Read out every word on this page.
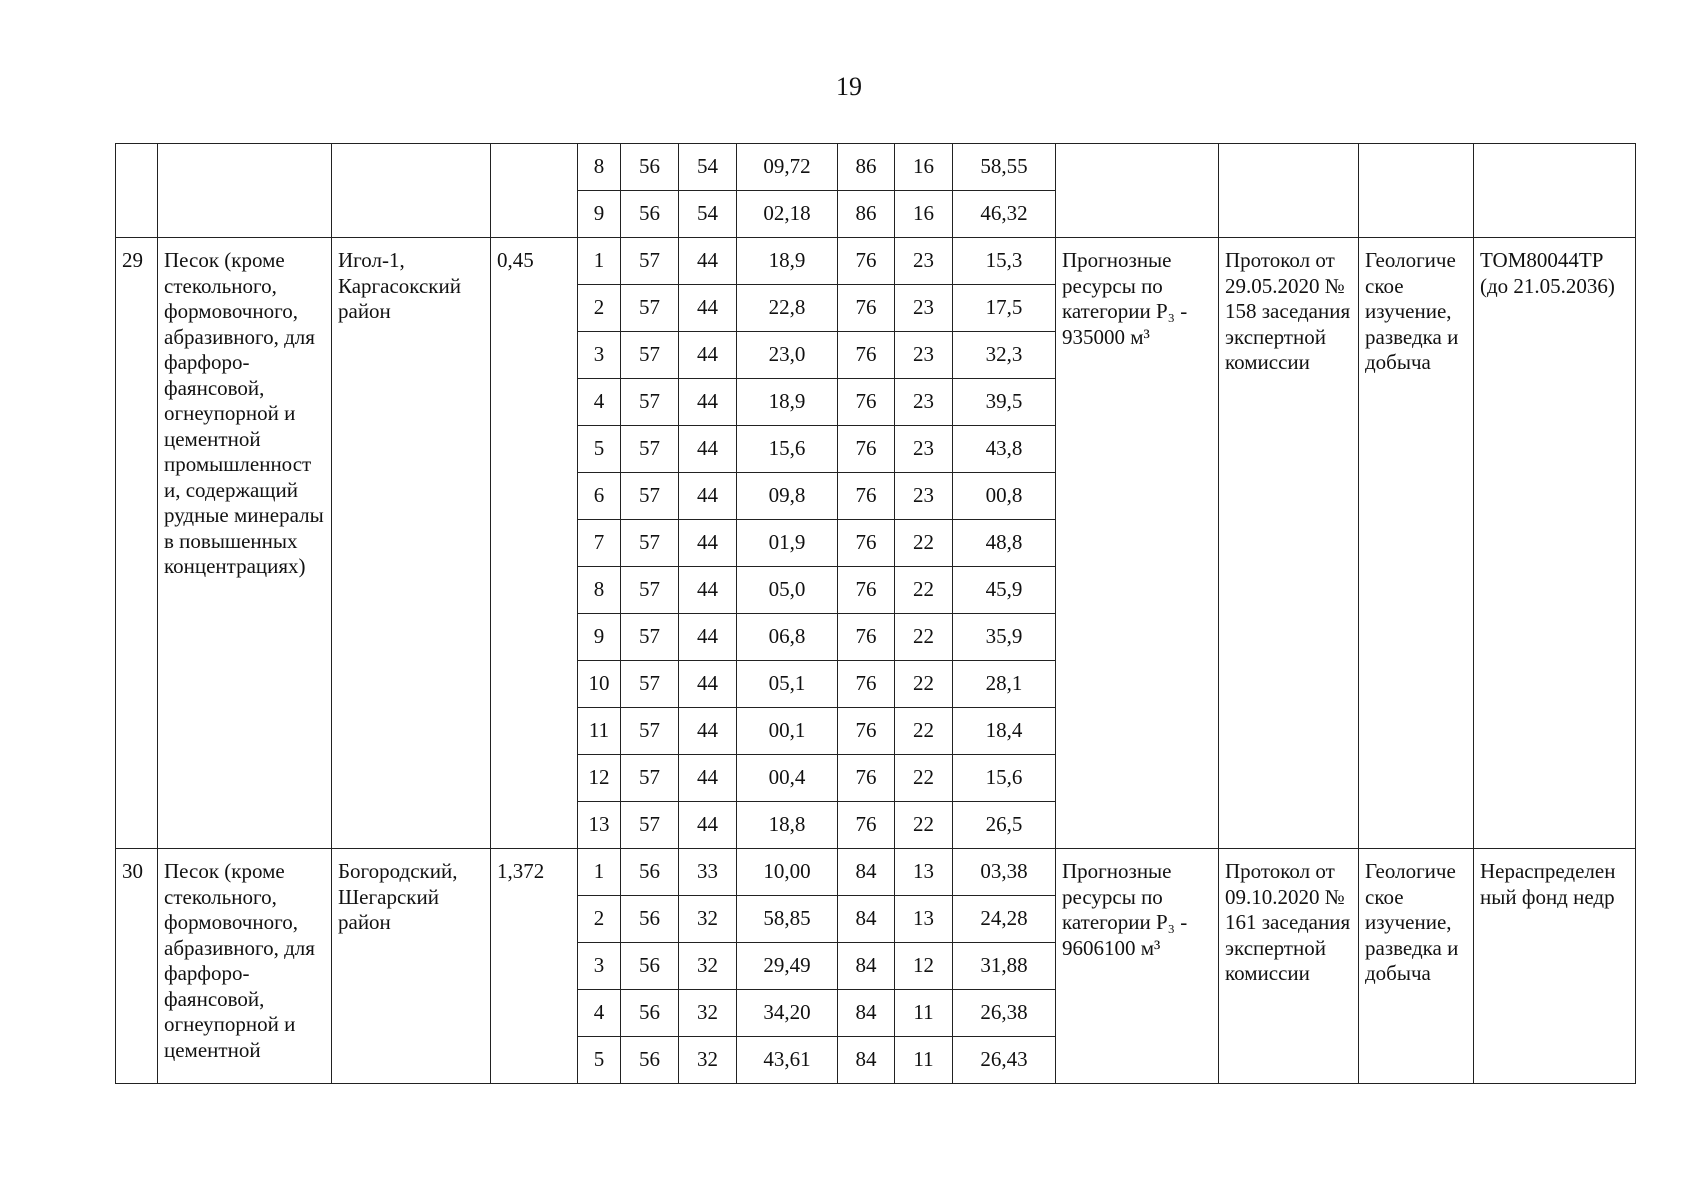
19
				8	56	54	09,72	86	16	58,55				
				9	56	54	02,18	86	16	46,32				
29	Песок (кроме стекольного, формовочного, абразивного, для фарфоро-фаянсовой, огнеупорной и цементной промышленност и, содержащий рудные минералы в повышенных концентрациях)	Игол-1, Каргасокский район	0,45	1	57	44	18,9	76	23	15,3	Прогнозные ресурсы по категории P₃ - 935000 м³	Протокол от 29.05.2020 № 158 заседания экспертной комиссии	Геологиче ское изучение, разведка и добыча	ТОМ80044ТР (до 21.05.2036)
				2	57	44	22,8	76	23	17,5				
				3	57	44	23,0	76	23	32,3				
				4	57	44	18,9	76	23	39,5				
				5	57	44	15,6	76	23	43,8				
				6	57	44	09,8	76	23	00,8				
				7	57	44	01,9	76	22	48,8				
				8	57	44	05,0	76	22	45,9				
				9	57	44	06,8	76	22	35,9				
				10	57	44	05,1	76	22	28,1				
				11	57	44	00,1	76	22	18,4				
				12	57	44	00,4	76	22	15,6				
				13	57	44	18,8	76	22	26,5				
30	Песок (кроме стекольного, формовочного, абразивного, для фарфоро-фаянсовой, огнеупорной и цементной	Богородский, Шегарский район	1,372	1	56	33	10,00	84	13	03,38	Прогнозные ресурсы по категории P₃ - 9606100 м³	Протокол от 09.10.2020 № 161 заседания экспертной комиссии	Геологиче ское изучение, разведка и добыча	Нераспределен ный фонд недр
				2	56	32	58,85	84	13	24,28				
				3	56	32	29,49	84	12	31,88				
				4	56	32	34,20	84	11	26,38				
				5	56	32	43,61	84	11	26,43				
